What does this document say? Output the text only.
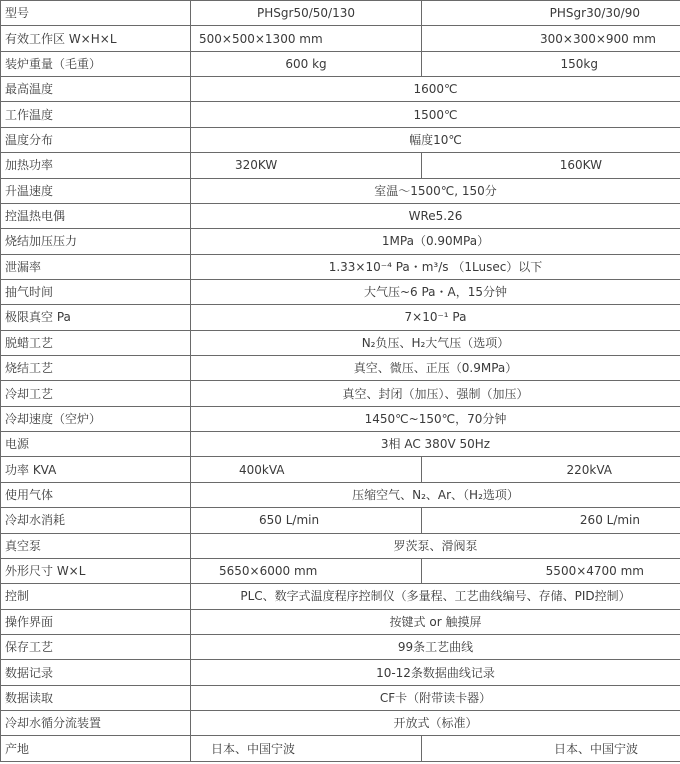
型号	PHSgr50/50/130	PHSgr30/30/90
有效工作区 W×H×L	500×500×1300 mm	300×300×900 mm
装炉重量（毛重）	600 kg	150kg
最高温度	1600℃	
工作温度	1500℃	
温度分布	幅度10℃	
加热功率	320KW	160KW
升温速度	室温～1500℃, 150分	
控温热电偶	WRe5.26	
烧结加压压力	1MPa（0.90MPa）	
泄漏率	1.33×10⁻⁴ Pa・m³/s （1Lusec）以下	
抽气时间	大气压~6 Pa・A，15分钟	
极限真空 Pa	7×10⁻¹ Pa	
脱蜡工艺	N₂负压、H₂大气压（选项）	
烧结工艺	真空、微压、正压（0.9MPa）	
冷却工艺	真空、封闭（加压）、强制（加压）	
冷却速度（空炉）	1450℃~150℃，70分钟	
电源	3相 AC 380V 50Hz	
功率 KVA	400kVA	220kVA
使用气体	压缩空气、N₂、Ar、（H₂选项）	
冷却水消耗	650 L/min	260 L/min
真空泵	罗茨泵、滑阀泵	
外形尺寸 W×L	5650×6000 mm	5500×4700 mm
控制	PLC、数字式温度程序控制仪（多量程、工艺曲线编号、存储、PID控制）	
操作界面	按键式 or 触摸屏	
保存工艺	99条工艺曲线	
数据记录	10-12条数据曲线记录	
数据读取	CF卡（附带读卡器）	
冷却水循分流装置	开放式（标准）	
产地	日本、中国宁波	日本、中国宁波
